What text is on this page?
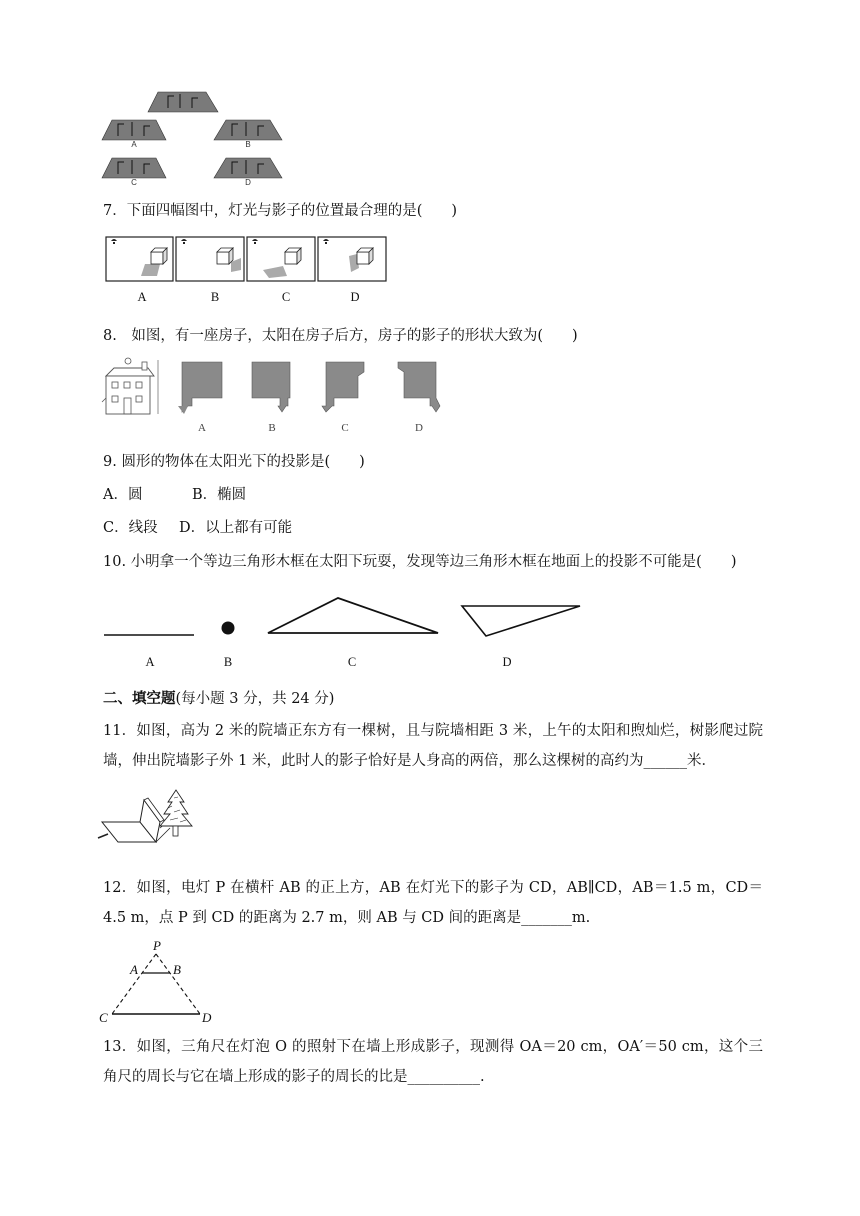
A	B
C	D
7．下面四幅图中，灯光与影子的位置最合理的是(　　)
A	B	C	D
8.　如图，有一座房子，太阳在房子后方，房子的影子的形状大致为(　　)
A	B	C	D
9. 圆形的物体在太阳光下的投影是(　　)
A．圆	B．椭圆
C．线段 D．以上都有可能
10. 小明拿一个等边三角形木框在太阳下玩耍，发现等边三角形木框在地面上的投影不可能是(　　)
A	B	C	D
二、填空题(每小题 3 分，共 24 分)
11．如图，高为 2 米的院墙正东方有一棵树，且与院墙相距 3 米，上午的太阳和煦灿烂，树影爬过院墙，伸出院墙影子外 1 米，此时人的影子恰好是人身高的两倍，那么这棵树的高约为______米．
12．如图，电灯 P 在横杆 AB 的正上方，AB 在灯光下的影子为 CD，AB∥CD，AB＝1.5 m，CD＝4.5 m，点 P 到 CD 的距离为 2.7 m，则 AB 与 CD 间的距离是_______m.
P
A	B
C	D
13．如图，三角尺在灯泡 O 的照射下在墙上形成影子，现测得 OA＝20 cm，OA′＝50 cm，这个三角尺的周长与它在墙上形成的影子的周长的比是__________.
